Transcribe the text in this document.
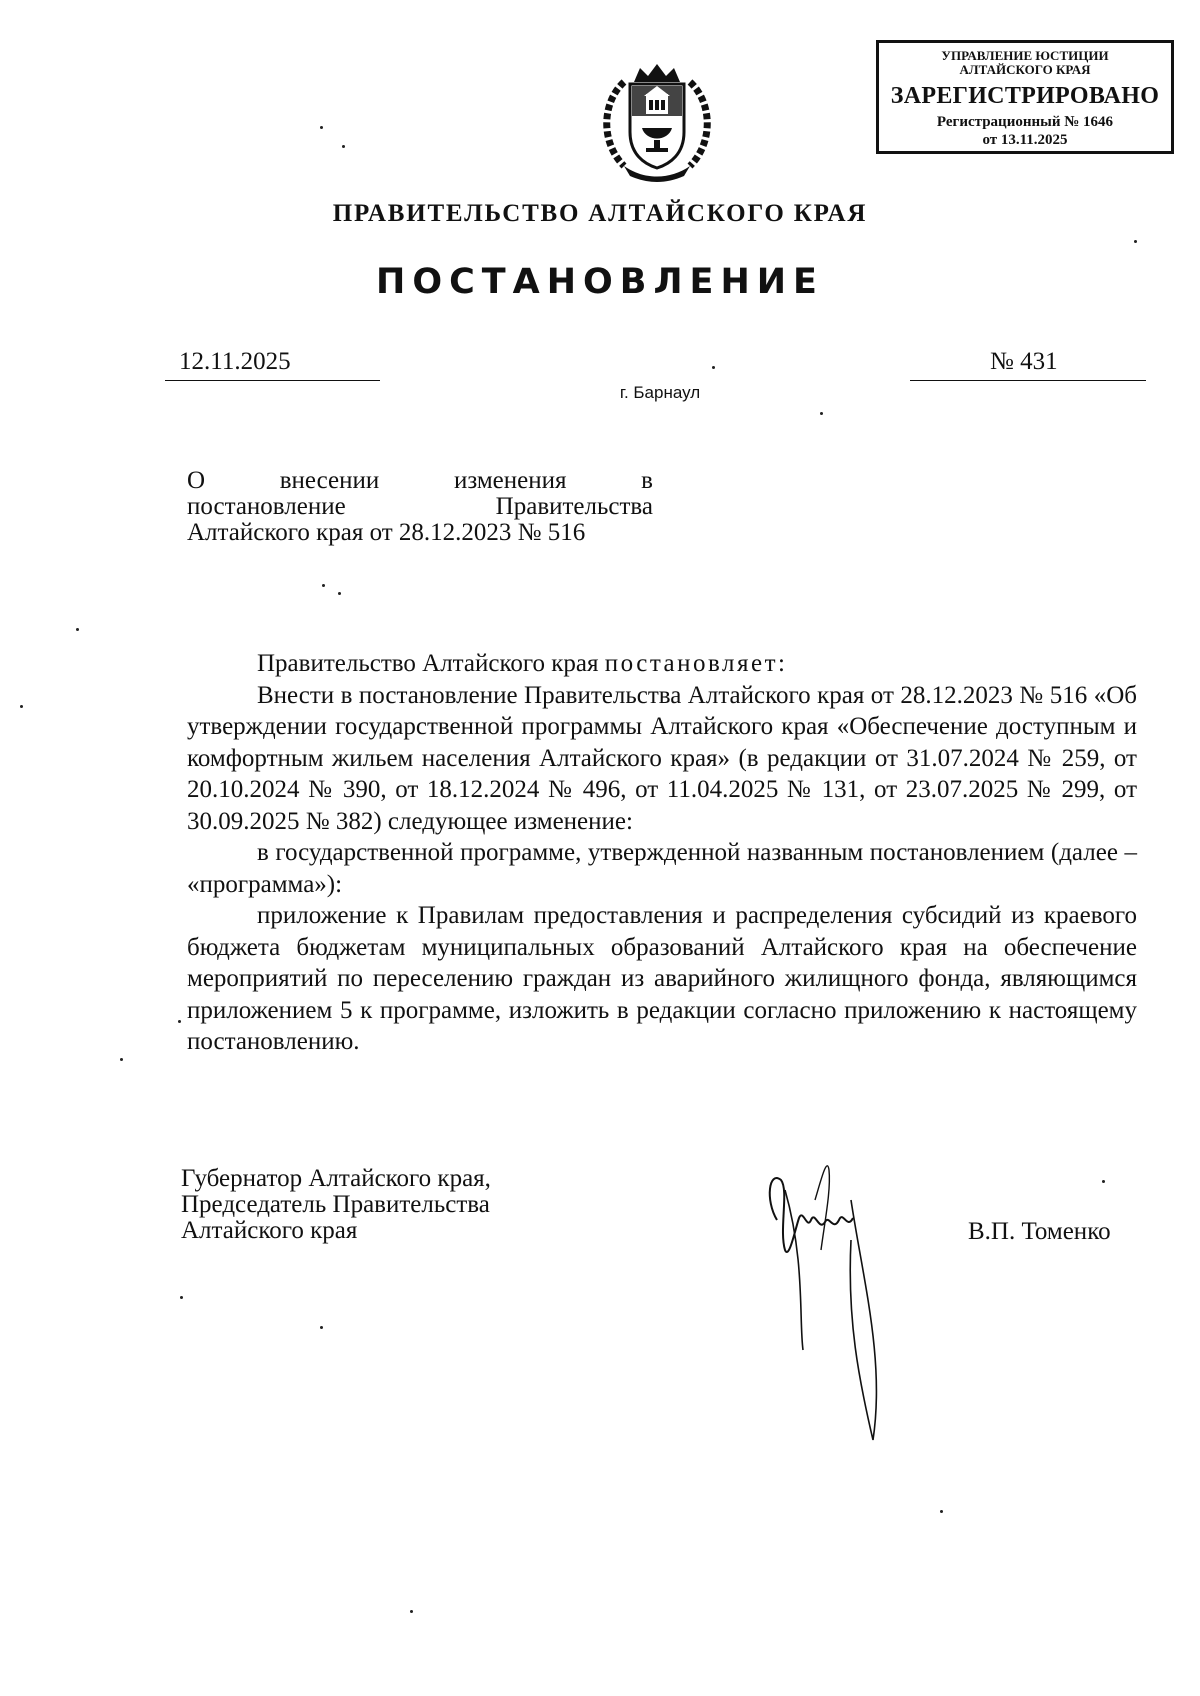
УПРАВЛЕНИЕ ЮСТИЦИИ
АЛТАЙСКОГО КРАЯ
ЗАРЕГИСТРИРОВАНО
Регистрационный № 1646
от 13.11.2025
ПРАВИТЕЛЬСТВО АЛТАЙСКОГО КРАЯ
ПОСТАНОВЛЕНИЕ
12.11.2025	№ 431
г. Барнаул
О внесении изменения в
постановление Правительства
Алтайского края от 28.12.2023 № 516

Правительство Алтайского края постановляет:

Внести в постановление Правительства Алтайского края от 28.12.2023 № 516 «Об утверждении государственной программы Алтайского края «Обеспечение доступным и комфортным жильем населения Алтайского края» (в редакции от 31.07.2024 № 259, от 20.10.2024 № 390, от 18.12.2024 № 496, от 11.04.2025 № 131, от 23.07.2025 № 299, от 30.09.2025 № 382) следующее изменение:

в государственной программе, утвержденной названным постановлением (далее – «программа»):

приложение к Правилам предоставления и распределения субсидий из краевого бюджета бюджетам муниципальных образований Алтайского края на обеспечение мероприятий по переселению граждан из аварийного жилищного фонда, являющимся приложением 5 к программе, изложить в редакции согласно приложению к настоящему постановлению.

Губернатор Алтайского края,
Председатель Правительства
Алтайского края	В.П. Томенко
